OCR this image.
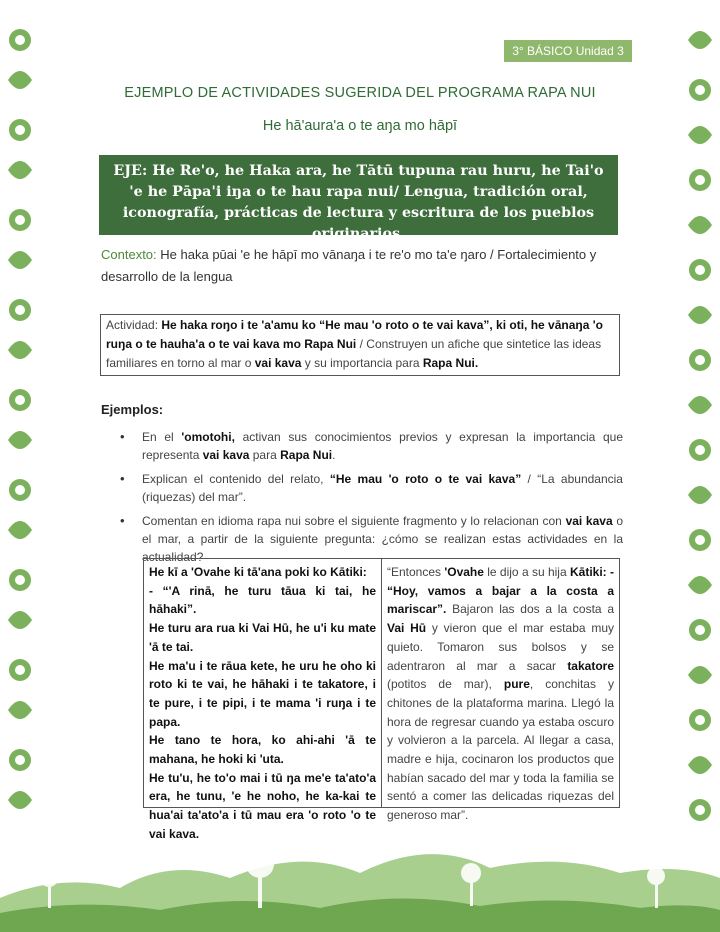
3° BÁSICO Unidad 3
EJEMPLO DE ACTIVIDADES SUGERIDA DEL PROGRAMA RAPA NUI
He hā'aura'a o te aŋa mo hāpī
EJE: He Re'o, he Haka ara, he Tātū tupuna rau huru, he Tai'o 'e he Pāpa'i iŋa o te hau rapa nui/ Lengua, tradición oral, iconografía, prácticas de lectura y escritura de los pueblos originarios.
Contexto: He haka pūai 'e he hāpī mo vānaŋa i te re'o mo ta'e ŋaro / Fortalecimiento y desarrollo de la lengua
Actividad: He haka roŋo i te 'a'amu ko “He mau 'o roto o te vai kava”, ki oti, he vānaŋa 'o ruŋa o te hauha'a o te vai kava mo Rapa Nui / Construyen un afiche que sintetice las ideas familiares en torno al mar o vai kava y su importancia para Rapa Nui.
Ejemplos:
• En el 'omotohi, activan sus conocimientos previos y expresan la importancia que representa vai kava para Rapa Nui.
• Explican el contenido del relato, “He mau 'o roto o te vai kava” / “La abundancia (riquezas) del mar”.
• Comentan en idioma rapa nui sobre el siguiente fragmento y lo relacionan con vai kava o el mar, a partir de la siguiente pregunta: ¿cómo se realizan estas actividades en la actualidad?

He kī a 'Ovahe ki tā'ana poki ko Kātiki:

- “'A rinā, he turu tāua ki tai, he hāhaki”.

He turu ara rua ki Vai Hū, he u'i ku mate 'ā te tai.

He ma'u i te rāua kete, he uru he oho ki roto ki te vai, he hāhaki i te takatore, i te pure, i te pipi, i te mama 'i ruŋa i te papa.

He tano te hora, ko ahi-ahi 'ā te mahana, he hoki ki 'uta.

He tu'u, he to'o mai i tū ŋa me'e ta'ato'a era, he tunu, 'e he noho, he ka-kai te hua'ai ta'ato'a i tū mau era 'o roto 'o te vai kava.

“Entonces 'Ovahe le dijo a su hija Kātiki: - “Hoy, vamos a bajar a la costa a mariscar”. Bajaron las dos a la costa a Vai Hū y vieron que el mar estaba muy quieto. Tomaron sus bolsos y se adentraron al mar a sacar takatore (potitos de mar), pure, conchitas y chitones de la plataforma marina. Llegó la hora de regresar cuando ya estaba oscuro y volvieron a la parcela. Al llegar a casa, madre e hija, cocinaron los productos que habían sacado del mar y toda la familia se sentó a comer las delicadas riquezas del generoso mar”.
